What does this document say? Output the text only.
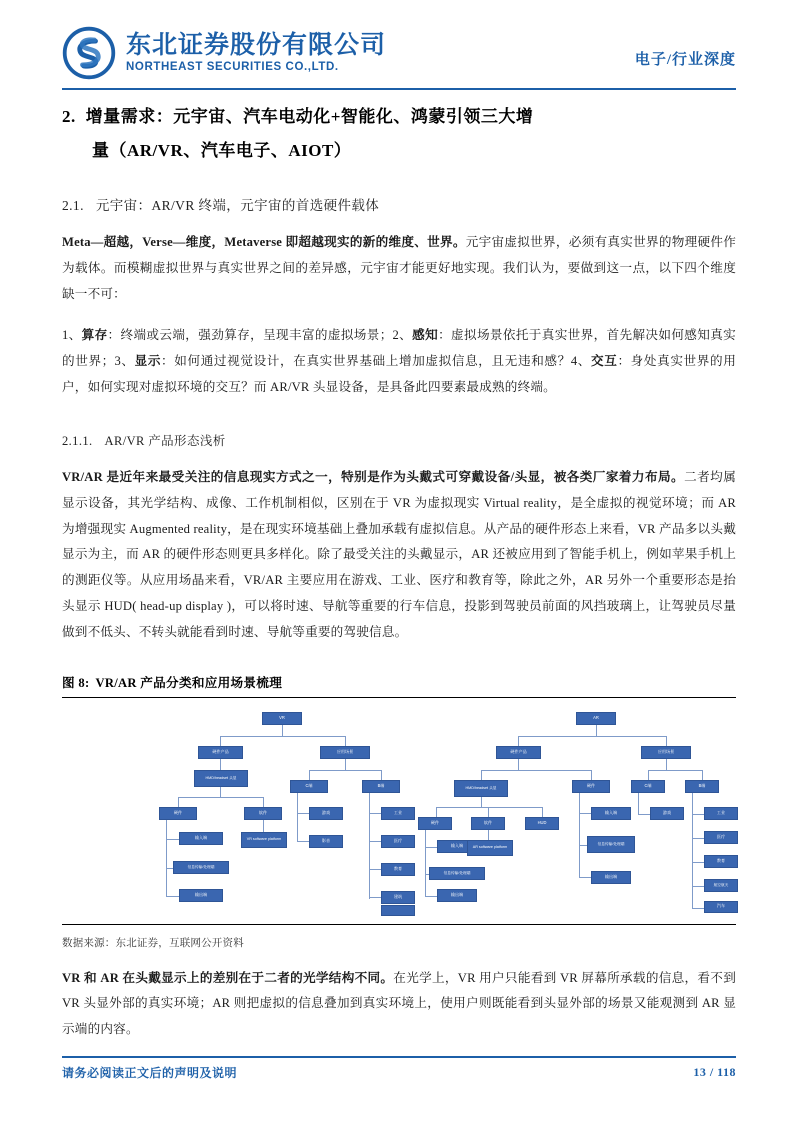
东北证券股份有限公司
NORTHEAST SECURITIES CO.,LTD.	电子/行业深度
2. 增量需求：元宇宙、汽车电动化+智能化、鸿蒙引领三大增
量（AR/VR、汽车电子、AIOT）
2.1. 元宇宙：AR/VR 终端，元宇宙的首选硬件载体

Meta—超越，Verse—维度，Metaverse 即超越现实的新的维度、世界。元宇宙虚拟世界，必须有真实世界的物理硬件作为载体。而模糊虚拟世界与真实世界之间的差异感，元宇宙才能更好地实现。我们认为，要做到这一点，以下四个维度缺一不可：

1、算存：终端或云端，强劲算存，呈现丰富的虚拟场景；2、感知：虚拟场景依托于真实世界，首先解决如何感知真实的世界；3、显示：如何通过视觉设计，在真实世界基础上增加虚拟信息，且无违和感？4、交互：身处真实世界的用户，如何实现对虚拟环境的交互？而 AR/VR 头显设备，是具备此四要素最成熟的终端。

2.1.1. AR/VR 产品形态浅析

VR/AR 是近年来最受关注的信息现实方式之一，特别是作为头戴式可穿戴设备/头显，被各类厂家着力布局。二者均属显示设备，其光学结构、成像、工作机制相似，区别在于 VR 为虚拟现实 Virtual reality，是全虚拟的视觉环境；而 AR 为增强现实 Augmented reality，是在现实环境基础上叠加承载有虚拟信息。从产品的硬件形态上来看，VR 产品多以头戴显示为主，而 AR 的硬件形态则更具多样化。除了最受关注的头戴显示，AR 还被应用到了智能手机上，例如苹果手机上的测距仪等。从应用场晶来看，VR/AR 主要应用在游戏、工业、医疗和教育等，除此之外，AR 另外一个重要形态是抬头显示 HUD( head-up display )，可以将时速、导航等重要的行车信息，投影到驾驶员前面的风挡玻璃上，让驾驶员尽量做到不低头、不转头就能看到时速、导航等重要的驾驶信息。

图 8: VR/AR 产品分类和应用场景梳理
VR
硬件产品	应用场景
HMD/headset 头显
硬件	软件
输入端
信息传输/处理端
输出端
VR software platform
C端	B端
游戏
影音
工业
医疗
教育
建筑
AR
硬件产品	应用场景
HMD/headset 头显
硬件
硬件	软件	HUD
输入端
信息传输/处理端
输出端
AR software platform
输入端
信息传输/处理端
输出端
C端	B端
游戏	工业
医疗
教育
航空航天
汽车
数据来源：东北证券，互联网公开资料

VR 和 AR 在头戴显示上的差别在于二者的光学结构不同。在光学上，VR 用户只能看到 VR 屏幕所承载的信息，看不到 VR 头显外部的真实环境；AR 则把虚拟的信息叠加到真实环境上，使用户则既能看到头显外部的场景又能观测到 AR 显示端的内容。

请务必阅读正文后的声明及说明	13 / 118
